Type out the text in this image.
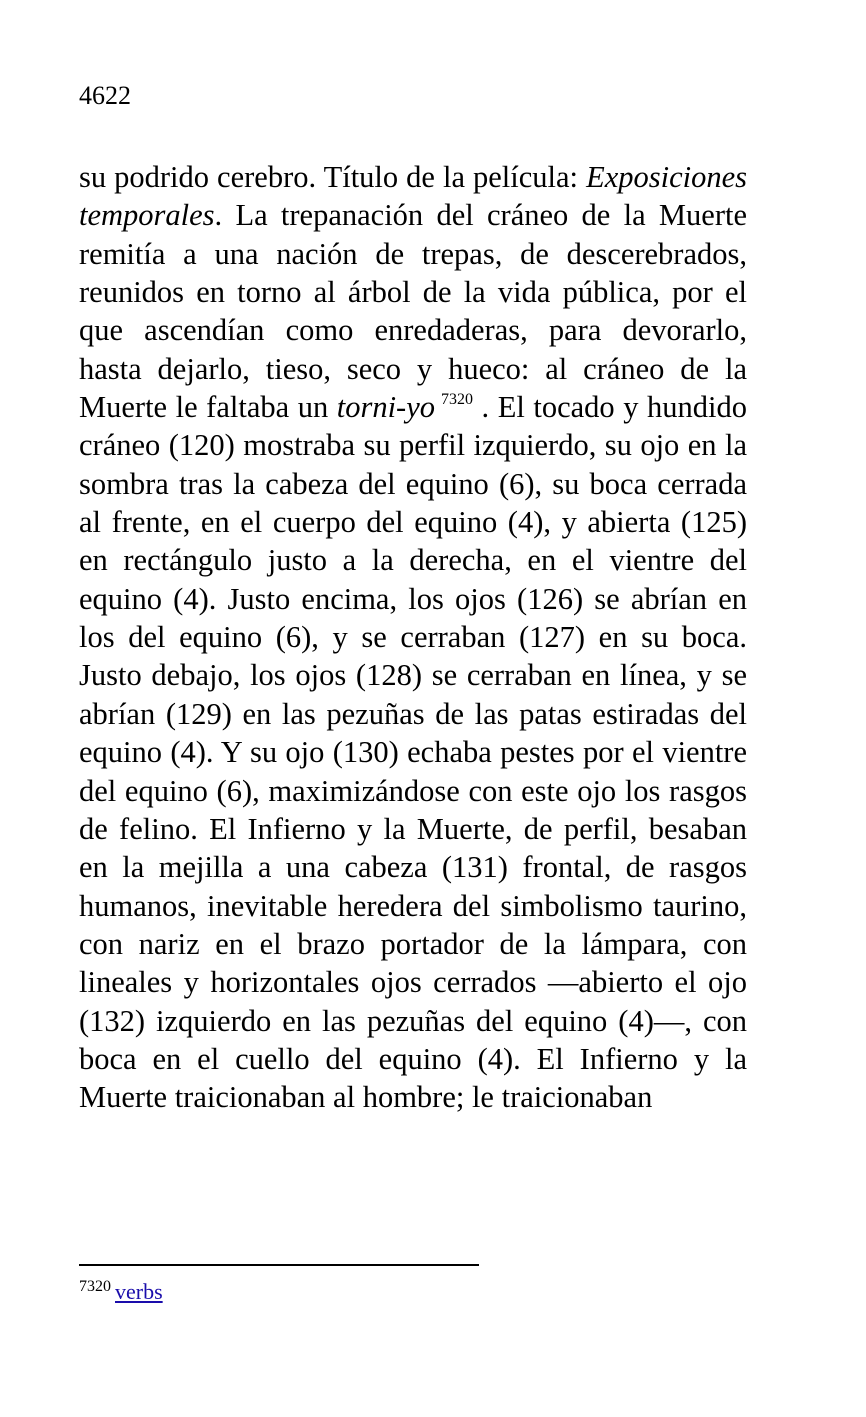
4622

su podrido cerebro. Título de la película: Exposiciones temporales. La trepanación del cráneo de la Muerte remitía a una nación de trepas, de descerebrados, reunidos en torno al árbol de la vida pública, por el que ascendían como enredaderas, para devorarlo, hasta dejarlo, tieso, seco y hueco: al cráneo de la Muerte le faltaba un torni-yo $^{7320}$ . El tocado y hundido cráneo (120) mostraba su perfil izquierdo, su ojo en la sombra tras la cabeza del equino (6), su boca cerrada al frente, en el cuerpo del equino (4), y abierta (125) en rectángulo justo a la derecha, en el vientre del equino (4). Justo encima, los ojos (126) se abrían en los del equino (6), y se cerraban (127) en su boca. Justo debajo, los ojos (128) se cerraban en línea, y se abrían (129) en las pezuñas de las patas estiradas del equino (4). Y su ojo (130) echaba pestes por el vientre del equino (6), maximizándose con este ojo los rasgos de felino. El Infierno y la Muerte, de perfil, besaban en la mejilla a una cabeza (131) frontal, de rasgos humanos, inevitable heredera del simbolismo taurino, con nariz en el brazo portador de la lámpara, con lineales y horizontales ojos cerrados —abierto el ojo (132) izquierdo en las pezuñas del equino (4)—, con boca en el cuello del equino (4). El Infierno y la Muerte traicionaban al hombre; le traicionaban

$^{7320}$ verbs
